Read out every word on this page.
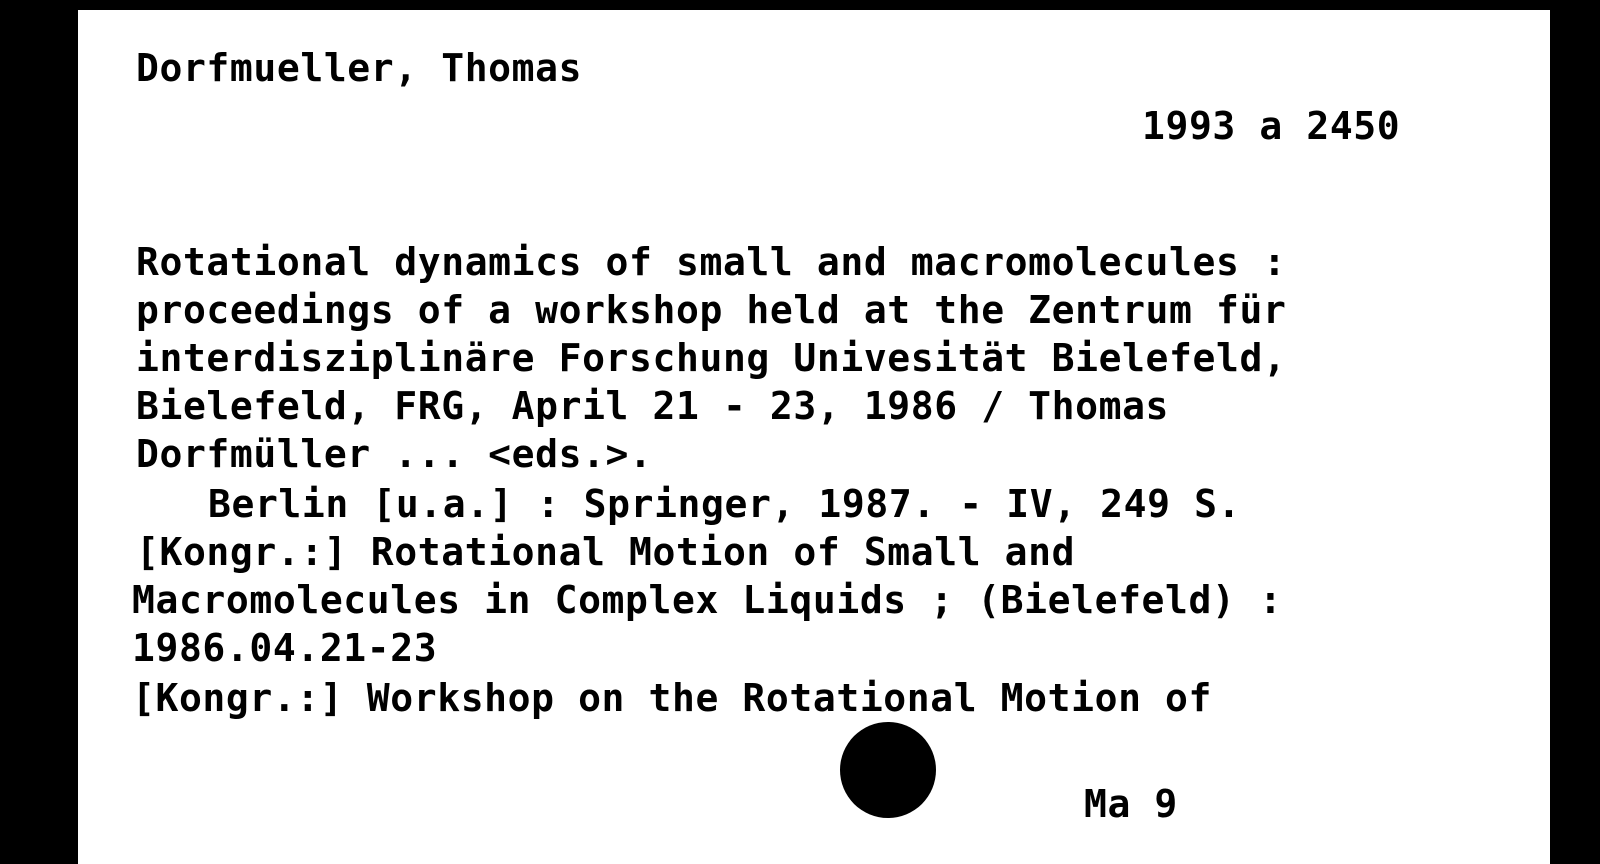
Dorfmueller, Thomas
1993 a 2450
Rotational dynamics of small and macromolecules :
proceedings of a workshop held at the Zentrum für
interdisziplinäre Forschung Univesität Bielefeld,
Bielefeld, FRG, April 21 - 23, 1986 / Thomas
Dorfmüller ... <eds.>.
Berlin [u.a.] : Springer, 1987. - IV, 249 S.
[Kongr.:] Rotational Motion of Small and
Macromolecules in Complex Liquids ; (Bielefeld) :
1986.04.21-23
[Kongr.:] Workshop on the Rotational Motion of
Ma 9
